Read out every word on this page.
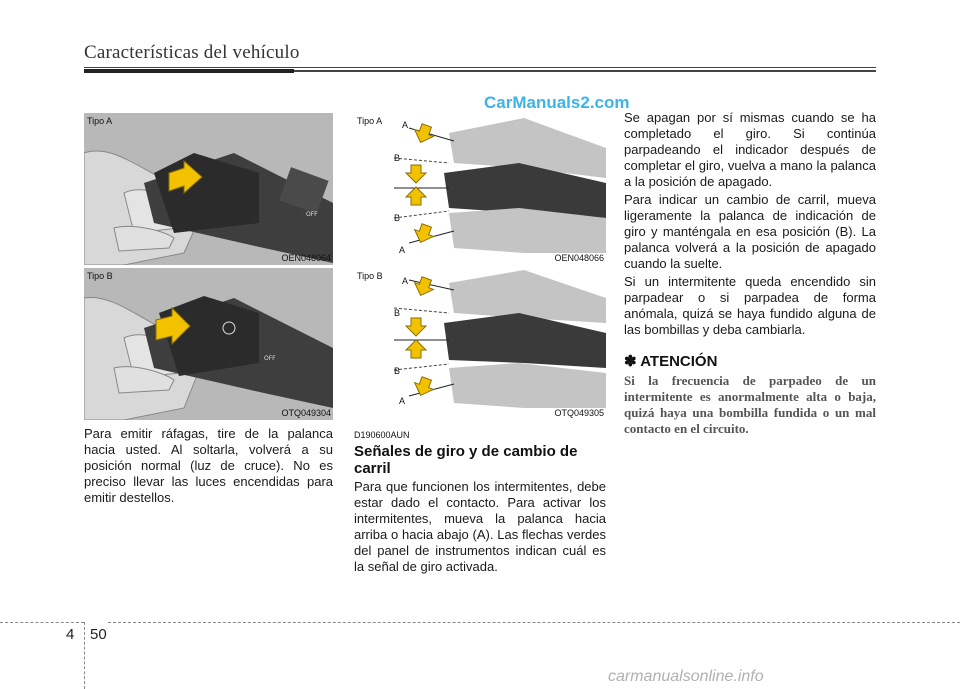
Características del vehículo
CarManuals2.com
OFF
Tipo A
OEN048064
OFF
Tipo B
OTQ049304
Tipo A A
B
B
A
OEN048066
Tipo B A
B
B
A
OTQ049305
Para emitir ráfagas, tire de la palanca hacia usted. Al soltarla, volverá a su posición normal (luz de cruce). No es preciso llevar las luces encendidas para emitir destellos.
D190600AUN
Señales de giro y de cambio de carril
Para que funcionen los intermitentes, debe estar dado el contacto. Para activar los intermitentes, mueva la palanca hacia arriba o hacia abajo (A). Las flechas verdes del panel de instrumentos indican cuál es la señal de giro activada.
Se apagan por sí mismas cuando se ha completado el giro. Si continúa parpadeando el indicador después de completar el giro, vuelva a mano la palanca a la posición de apagado.
Para indicar un cambio de carril, mueva ligeramente la palanca de indicación de giro y manténgala en esa posición (B). La palanca volverá a la posición de apagado cuando la suelte.
Si un intermitente queda encendido sin parpadear o si parpadea de forma anómala, quizá se haya fundido alguna de las bombillas y deba cambiarla.
✽ ATENCIÓN
Si la frecuencia de parpadeo de un intermitente es anormalmente alta o baja, quizá haya una bombilla fundida o un mal contacto en el circuito.
4 50
carmanualsonline.info
